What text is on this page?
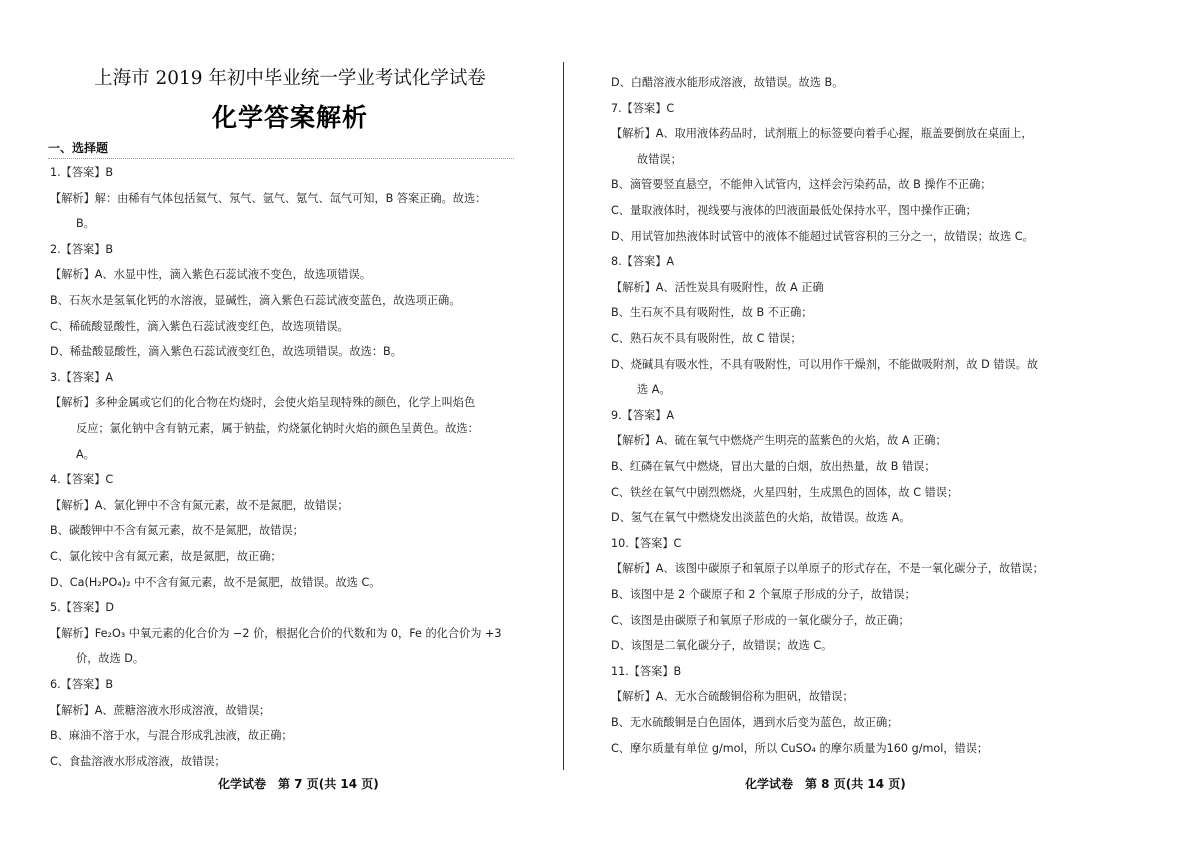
上海市 2019 年初中毕业统一学业考试化学试卷
化学答案解析
一、选择题
1.【答案】B
【解析】解：由稀有气体包括氦气、氖气、氩气、氪气、氙气可知，B 答案正确。故选：
B。
2.【答案】B
【解析】A、水显中性，滴入紫色石蕊试液不变色，故选项错误。
B、石灰水是氢氧化钙的水溶液，显碱性，滴入紫色石蕊试液变蓝色，故选项正确。
C、稀硫酸显酸性，滴入紫色石蕊试液变红色，故选项错误。
D、稀盐酸显酸性，滴入紫色石蕊试液变红色，故选项错误。故选：B。
3.【答案】A
【解析】多种金属或它们的化合物在灼烧时，会使火焰呈现特殊的颜色，化学上叫焰色
反应；氯化钠中含有钠元素，属于钠盐，灼烧氯化钠时火焰的颜色呈黄色。故选：
A。
4.【答案】C
【解析】A、氯化钾中不含有氮元素，故不是氮肥，故错误；
B、碳酸钾中不含有氮元素，故不是氮肥，故错误；
C、氯化铵中含有氮元素，故是氮肥，故正确；
D、Ca(H₂PO₄)₂ 中不含有氮元素，故不是氮肥，故错误。故选 C。
5.【答案】D
【解析】Fe₂O₃ 中氧元素的化合价为 −2 价，根据化合价的代数和为 0，Fe 的化合价为 +3
价，故选 D。
6.【答案】B
【解析】A、蔗糖溶液水形成溶液，故错误；
B、麻油不溶于水，与混合形成乳浊液，故正确；
C、食盐溶液水形成溶液，故错误；
D、白醋溶液水能形成溶液，故错误。故选 B。
7.【答案】C
【解析】A、取用液体药品时，试剂瓶上的标签要向着手心握，瓶盖要倒放在桌面上，
故错误；
B、滴管要竖直悬空，不能伸入试管内，这样会污染药品，故 B 操作不正确；
C、量取液体时，视线要与液体的凹液面最低处保持水平，图中操作正确；
D、用试管加热液体时试管中的液体不能超过试管容积的三分之一，故错误；故选 C。
8.【答案】A
【解析】A、活性炭具有吸附性，故 A 正确
B、生石灰不具有吸附性，故 B 不正确；
C、熟石灰不具有吸附性，故 C 错误；
D、烧碱具有吸水性，不具有吸附性，可以用作干燥剂，不能做吸附剂，故 D 错误。故
选 A。
9.【答案】A
【解析】A、硫在氧气中燃烧产生明亮的蓝紫色的火焰，故 A 正确；
B、红磷在氧气中燃烧，冒出大量的白烟，放出热量，故 B 错误；
C、铁丝在氧气中剧烈燃烧，火星四射，生成黑色的固体，故 C 错误；
D、氢气在氧气中燃烧发出淡蓝色的火焰，故错误。故选 A。
10.【答案】C
【解析】A、该图中碳原子和氧原子以单原子的形式存在，不是一氧化碳分子，故错误；
B、该图中是 2 个碳原子和 2 个氧原子形成的分子，故错误；
C、该图是由碳原子和氧原子形成的一氧化碳分子，故正确；
D、该图是二氧化碳分子，故错误；故选 C。
11.【答案】B
【解析】A、无水合硫酸铜俗称为胆矾，故错误；
B、无水硫酸铜是白色固体，遇到水后变为蓝色，故正确；
C、摩尔质量有单位 g/mol，所以 CuSO₄ 的摩尔质量为160 g/mol，错误；
化学试卷　第 7 页(共 14 页)	化学试卷　第 8 页(共 14 页)
